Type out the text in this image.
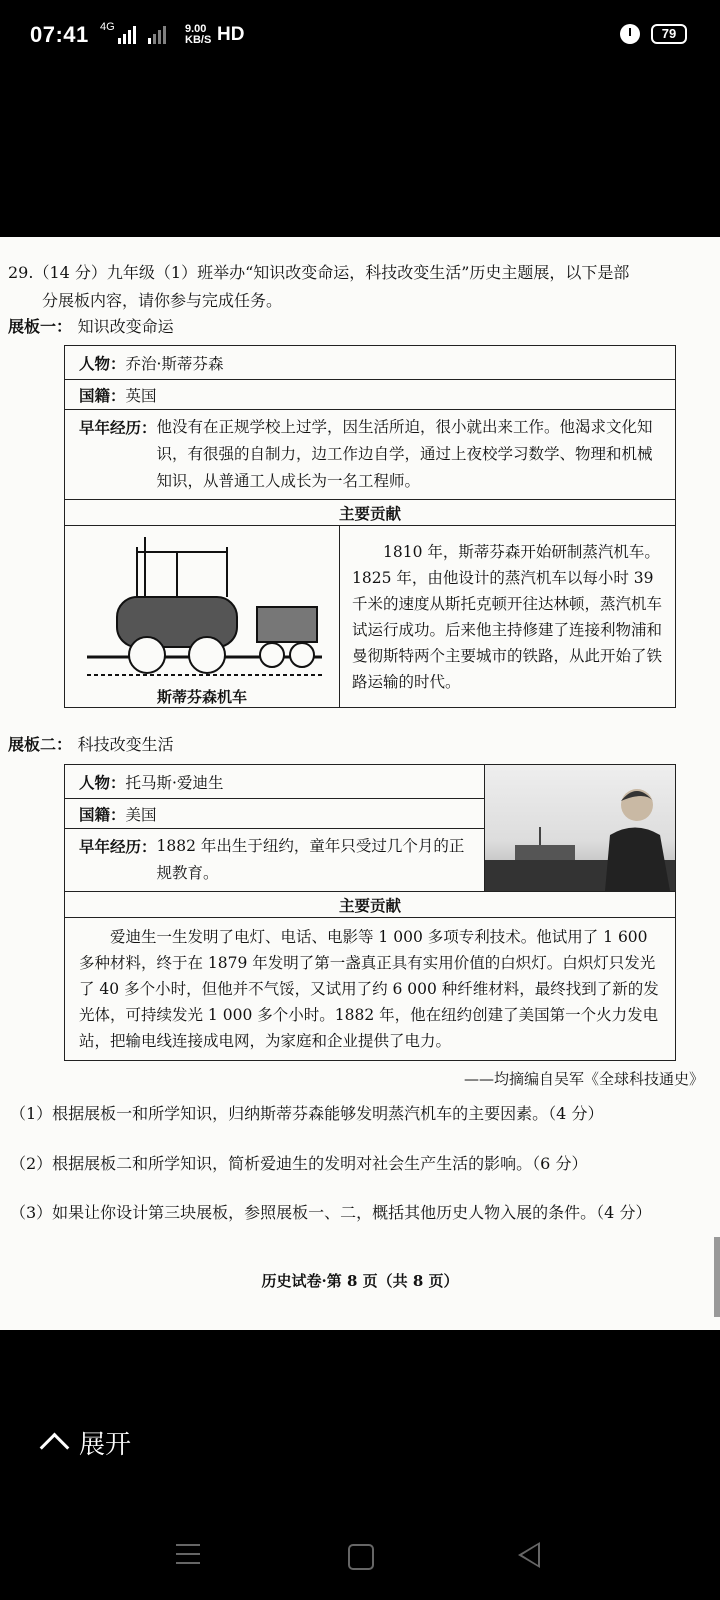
07:41 4G	9.00
KB/S HD	79
29.（14 分）九年级（1）班举办“知识改变命运，科技改变生活”历史主题展，以下是部
分展板内容，请你参与完成任务。
展板一： 知识改变命运
人物：乔治·斯蒂芬森
国籍：英国

早年经历： 他没有在正规学校上过学，因生活所迫，很小就出来工作。他渴求文化知识，有很强的自制力，边工作边自学，通过上夜校学习数学、物理和机械知识，从普通工人成长为一名工程师。

主要贡献

斯蒂芬森机车
	1810 年，斯蒂芬森开始研制蒸汽机车。1825 年，由他设计的蒸汽机车以每小时 39 千米的速度从斯托克顿开往达林顿，蒸汽机车试运行成功。后来他主持修建了连接利物浦和曼彻斯特两个主要城市的铁路，从此开始了铁路运输的时代。
展板二： 科技改变生活
人物：托马斯·爱迪生	

国籍：美国

早年经历： 1882 年出生于纽约，童年只受过几个月的正规教育。

主要贡献
爱迪生一生发明了电灯、电话、电影等 1 000 多项专利技术。他试用了 1 600 多种材料，终于在 1879 年发明了第一盏真正具有实用价值的白炽灯。白炽灯只发光了 40 多个小时，但他并不气馁，又试用了约 6 000 种纤维材料，最终找到了新的发光体，可持续发光 1 000 多个小时。1882 年，他在纽约创建了美国第一个火力发电站，把输电线连接成电网，为家庭和企业提供了电力。
——均摘编自吴军《全球科技通史》
（1）根据展板一和所学知识，归纳斯蒂芬森能够发明蒸汽机车的主要因素。（4 分）
（2）根据展板二和所学知识，简析爱迪生的发明对社会生产生活的影响。（6 分）
（3）如果让你设计第三块展板，参照展板一、二，概括其他历史人物入展的条件。（4 分）
历史试卷·第 8 页（共 8 页）
展开
